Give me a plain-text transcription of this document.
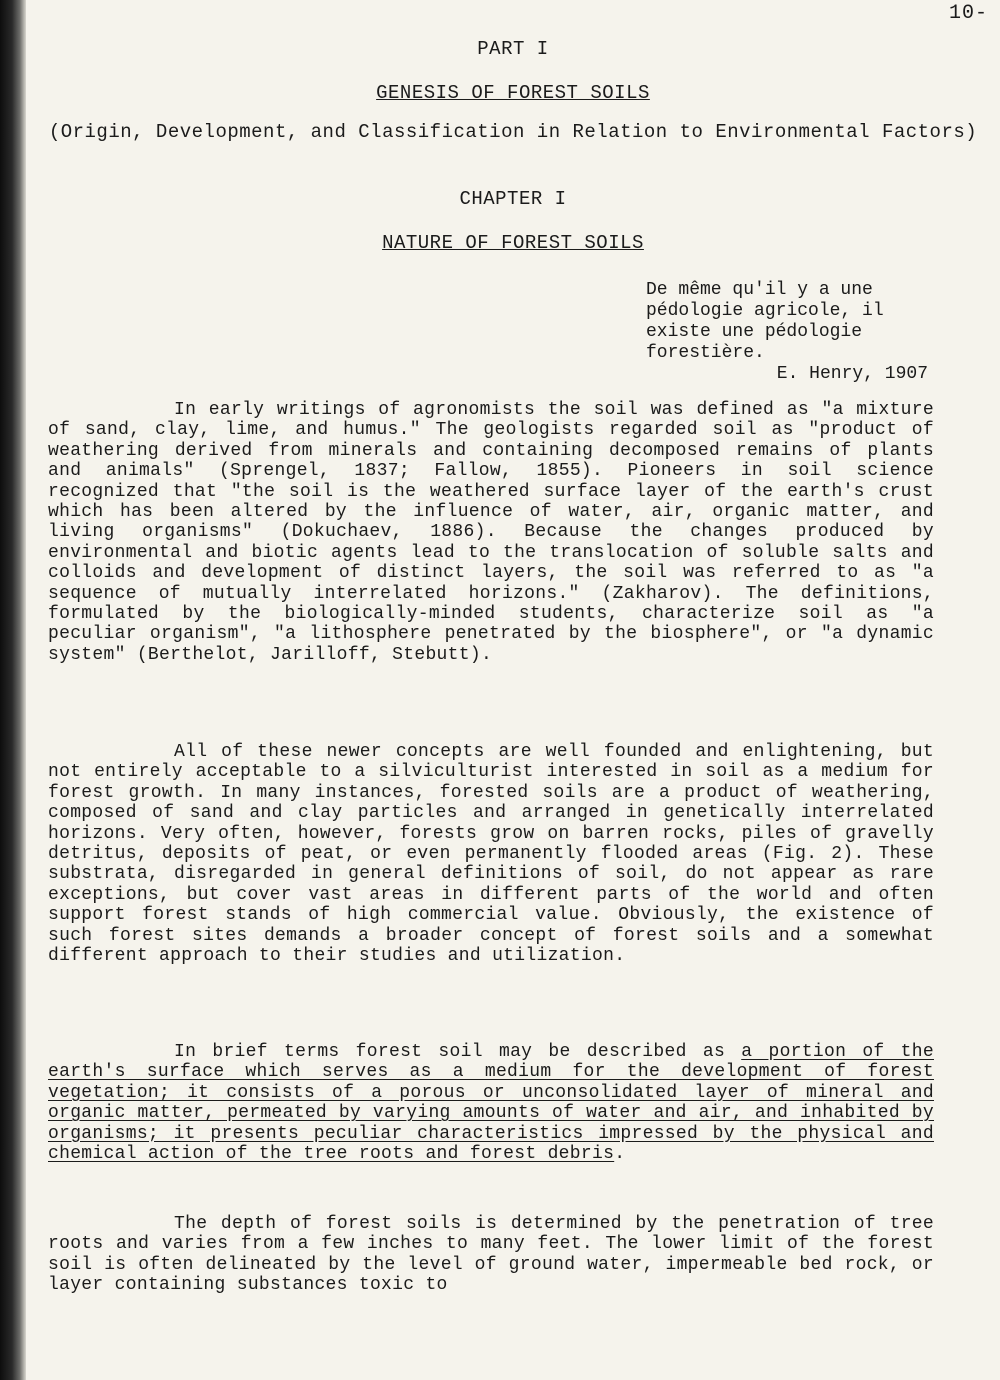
10-
PART I
GENESIS OF FOREST SOILS
(Origin, Development, and Classification in Relation to Environmental Factors)
CHAPTER I
NATURE OF FOREST SOILS
De même qu'il y a une pédologie agricole, il existe une pédologie forestière.
E. Henry, 1907
In early writings of agronomists the soil was defined as "a mixture of sand, clay, lime, and humus." The geologists regarded soil as "product of weathering derived from minerals and containing decomposed remains of plants and animals" (Sprengel, 1837; Fallow, 1855). Pioneers in soil science recognized that "the soil is the weathered surface layer of the earth's crust which has been altered by the influence of water, air, organic matter, and living organisms" (Dokuchaev, 1886). Because the changes produced by environmental and biotic agents lead to the translocation of soluble salts and colloids and development of distinct layers, the soil was referred to as "a sequence of mutually interrelated horizons." (Zakharov). The definitions, formulated by the biologically-minded students, characterize soil as "a peculiar organism", "a lithosphere penetrated by the biosphere", or "a dynamic system" (Berthelot, Jarilloff, Stebutt).
All of these newer concepts are well founded and enlightening, but not entirely acceptable to a silviculturist interested in soil as a medium for forest growth. In many instances, forested soils are a product of weathering, composed of sand and clay particles and arranged in genetically interrelated horizons. Very often, however, forests grow on barren rocks, piles of gravelly detritus, deposits of peat, or even permanently flooded areas (Fig. 2). These substrata, disregarded in general definitions of soil, do not appear as rare exceptions, but cover vast areas in different parts of the world and often support forest stands of high commercial value. Obviously, the existence of such forest sites demands a broader concept of forest soils and a somewhat different approach to their studies and utilization.
In brief terms forest soil may be described as a portion of the earth's surface which serves as a medium for the development of forest vegetation; it consists of a porous or unconsolidated layer of mineral and organic matter, permeated by varying amounts of water and air, and inhabited by organisms; it presents peculiar characteristics impressed by the physical and chemical action of the tree roots and forest debris.
The depth of forest soils is determined by the penetration of tree roots and varies from a few inches to many feet. The lower limit of the forest soil is often delineated by the level of ground water, impermeable bed rock, or layer containing substances toxic to
